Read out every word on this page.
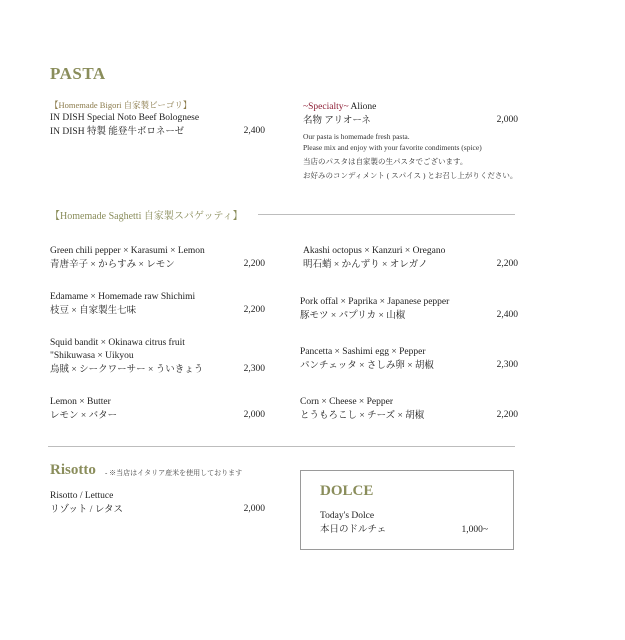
PASTA
【Homemade Bigori 自家製ビーゴリ】
IN DISH Special Noto Beef Bolognese
IN DISH 特製 能登牛ボロネーゼ	2,400
~Specialty~ Alione
名物 アリオーネ	2,000
Our pasta is homemade fresh pasta.
Please mix and enjoy with your favorite condiments (spice)
当店のパスタは自家製の生パスタでございます。
お好みのコンディメント ( スパイス ) とお召し上がりください。
【Homemade Saghetti 自家製スパゲッティ】
Green chili pepper × Karasumi × Lemon
青唐辛子 × からすみ × レモン	2,200
Edamame × Homemade raw Shichimi
枝豆 × 自家製生七味	2,200
Squid bandit × Okinawa citrus fruit
"Shikuwasa × Uikyou
烏賊 × シークワーサー × ういきょう	2,300
Lemon × Butter
レモン × バター	2,000
Akashi octopus × Kanzuri × Oregano
明石蛸 × かんずり × オレガノ	2,200
Pork offal × Paprika × Japanese pepper
豚モツ × パプリカ × 山椒	2,400
Pancetta × Sashimi egg × Pepper
パンチェッタ × さしみ卵 × 胡椒	2,300
Corn × Cheese × Pepper
とうもろこし × チーズ × 胡椒	2,200
Risotto - ※当店はイタリア産米を使用しております
Risotto / Lettuce
リゾット / レタス	2,000
DOLCE
Today's Dolce
本日のドルチェ	1,000~
